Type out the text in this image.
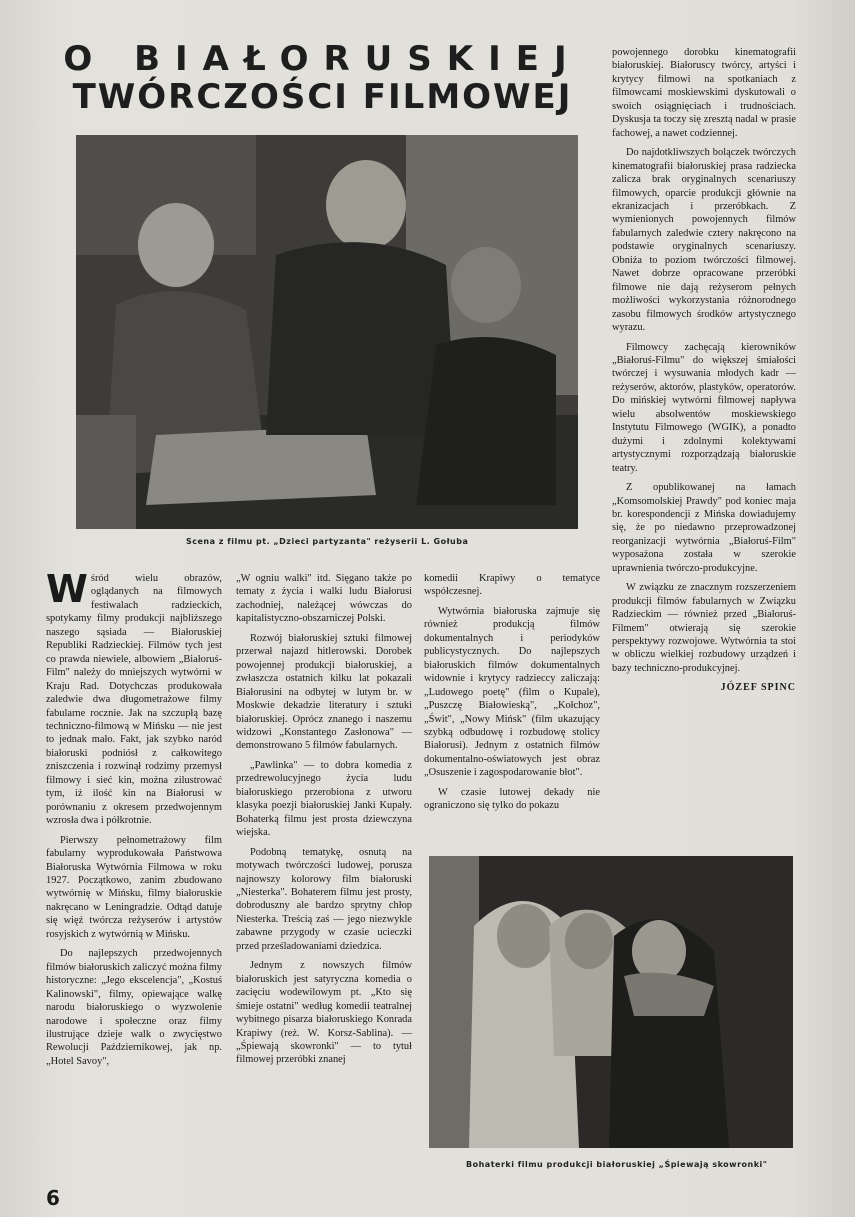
O BIAŁORUSKIEJ
TWÓRCZOŚCI FILMOWEJ
Scena z filmu pt. „Dzieci partyzanta" reżyserii L. Gołuba

powojennego dorobku kinematografii białoruskiej. Białoruscy twórcy, artyści i krytycy filmowi na spotkaniach z filmowcami moskiewskimi dyskutowali o swoich osiągnięciach i trudnościach. Dyskusja ta toczy się zresztą nadal w prasie fachowej, a nawet codziennej.

Do najdotkliwszych bolączek twórczych kinematografii białoruskiej prasa radziecka zalicza brak oryginalnych scenariuszy filmowych, oparcie produkcji głównie na ekranizacjach i przeróbkach. Z wymienionych powojennych filmów fabularnych zaledwie cztery nakręcono na podstawie oryginalnych scenariuszy. Obniża to poziom twórczości filmowej. Nawet dobrze opracowane przeróbki filmowe nie dają reżyserom pełnych możliwości wykorzystania różnorodnego zasobu filmowych środków artystycznego wyrazu.

Filmowcy zachęcają kierowników „Białoruś-Filmu" do większej śmiałości twórczej i wysuwania młodych kadr — reżyserów, aktorów, plastyków, operatorów. Do mińskiej wytwórni filmowej napływa wielu absolwentów moskiewskiego Instytutu Filmowego (WGIK), a ponadto dużymi i zdolnymi kolektywami artystycznymi rozporządzają białoruskie teatry.

Z opublikowanej na łamach „Komsomolskiej Prawdy" pod koniec maja br. korespondencji z Mińska dowiadujemy się, że po niedawno przeprowadzonej reorganizacji wytwórnia „Białoruś-Film" wyposażona została w szerokie uprawnienia twórczo-produkcyjne.

W związku ze znacznym rozszerzeniem produkcji filmów fabularnych w Związku Radzieckim — również przed „Białoruś-Filmem" otwierają się szerokie perspektywy rozwojowe. Wytwórnia ta stoi w obliczu wielkiej rozbudowy urządzeń i bazy techniczno-produkcyjnej.

JÓZEF SPINC

Wśród wielu obrazów, oglądanych na filmowych festiwalach radzieckich, spotykamy filmy produkcji najbliższego naszego sąsiada — Białoruskiej Republiki Radzieckiej. Filmów tych jest co prawda niewiele, albowiem „Białoruś-Film" należy do mniejszych wytwórni w Kraju Rad. Dotychczas produkowała zaledwie dwa długometrażowe filmy fabularne rocznie. Jak na szczupłą bazę techniczno-filmową w Mińsku — nie jest to jednak mało. Fakt, jak szybko naród białoruski podniósł z całkowitego zniszczenia i rozwinął rodzimy przemysł filmowy i sieć kin, można zilustrować tym, iż ilość kin na Białorusi w porównaniu z okresem przedwojennym wzrosła dwa i półkrotnie.

Pierwszy pełnometrażowy film fabularny wyprodukowała Państwowa Białoruska Wytwórnia Filmowa w roku 1927. Początkowo, zanim zbudowano wytwórnię w Mińsku, filmy białoruskie nakręcano w Leningradzie. Odtąd datuje się więź twórcza reżyserów i artystów rosyjskich z wytwórnią w Mińsku.

Do najlepszych przedwojennych filmów białoruskich zaliczyć można filmy historyczne: „Jego ekscelencja", „Kostuś Kalinowski", filmy, opiewające walkę narodu białoruskiego o wyzwolenie narodowe i społeczne oraz filmy ilustrujące dzieje walk o zwycięstwo Rewolucji Październikowej, jak np. „Hotel Savoy",

„W ogniu walki" itd. Sięgano także po tematy z życia i walki ludu Białorusi zachodniej, należącej wówczas do kapitalistyczno-obszarniczej Polski.

Rozwój białoruskiej sztuki filmowej przerwał najazd hitlerowski. Dorobek powojennej produkcji białoruskiej, a zwłaszcza ostatnich kilku lat pokazali Białorusini na odbytej w lutym br. w Moskwie dekadzie literatury i sztuki białoruskiej. Oprócz znanego i naszemu widzowi „Konstantego Zasłonowa" — demonstrowano 5 filmów fabularnych.

„Pawlinka" — to dobra komedia z przedrewolucyjnego życia ludu białoruskiego przerobiona z utworu klasyka poezji białoruskiej Janki Kupały. Bohaterką filmu jest prosta dziewczyna wiejska.

Podobną tematykę, osnutą na motywach twórczości ludowej, porusza najnowszy kolorowy film białoruski „Niesterka". Bohaterem filmu jest prosty, dobroduszny ale bardzo sprytny chłop Niesterka. Treścią zaś — jego niezwykle zabawne przygody w czasie ucieczki przed prześladowaniami dziedzica.

Jednym z nowszych filmów białoruskich jest satyryczna komedia o zacięciu wodewilowym pt. „Kto się śmieje ostatni" według komedii teatralnej wybitnego pisarza białoruskiego Konrada Krapiwy (reż. W. Korsz-Sablina). — „Śpiewają skowronki" — to tytuł filmowej przeróbki znanej

komedii Krapiwy o tematyce współczesnej.

Wytwórnia białoruska zajmuje się również produkcją filmów dokumentalnych i periodyków publicystycznych. Do najlepszych białoruskich filmów dokumentalnych widownie i krytycy radzieccy zaliczają: „Ludowego poetę" (film o Kupale), „Puszczę Białowieską", „Kołchoz", „Świt", „Nowy Mińsk" (film ukazujący szybką odbudowę i rozbudowę stolicy Białorusi). Jednym z ostatnich filmów dokumentalno-oświatowych jest obraz „Osuszenie i zagospodarowanie błot".

W czasie lutowej dekady nie ograniczono się tylko do pokazu

Bohaterki filmu produkcji białoruskiej „Śpiewają skowronki"
6
